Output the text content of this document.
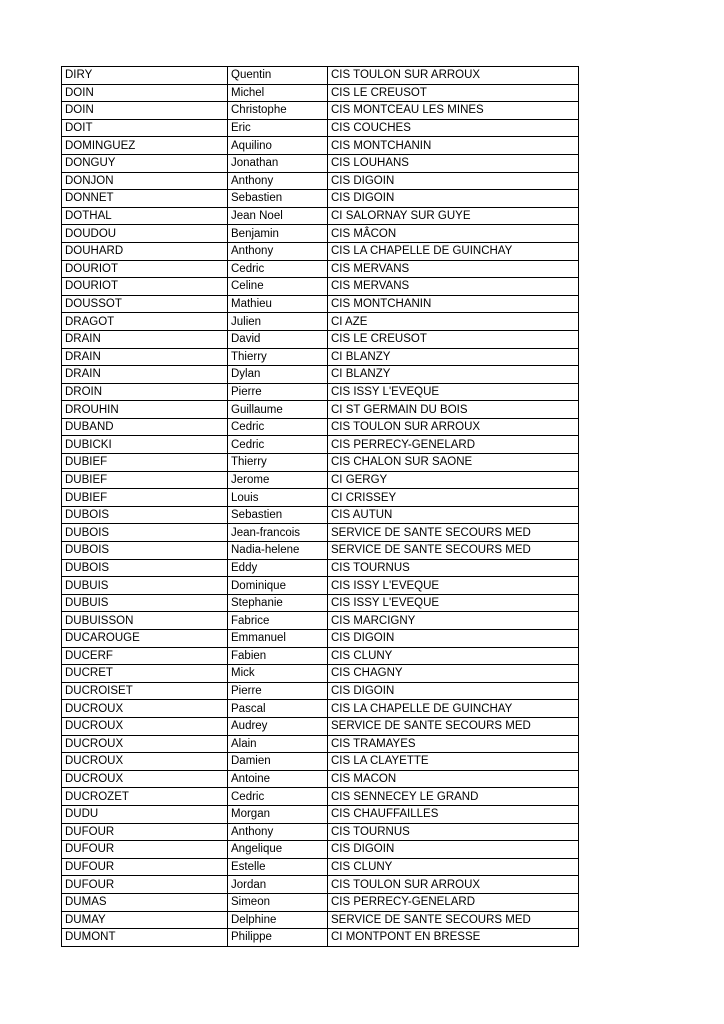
DIRY	Quentin	CIS TOULON SUR ARROUX
DOIN	Michel	CIS LE CREUSOT
DOIN	Christophe	CIS MONTCEAU LES MINES
DOIT	Eric	CIS COUCHES
DOMINGUEZ	Aquilino	CIS MONTCHANIN
DONGUY	Jonathan	CIS LOUHANS
DONJON	Anthony	CIS DIGOIN
DONNET	Sebastien	CIS DIGOIN
DOTHAL	Jean Noel	CI SALORNAY SUR GUYE
DOUDOU	Benjamin	CIS MÂCON
DOUHARD	Anthony	CIS LA CHAPELLE DE GUINCHAY
DOURIOT	Cedric	CIS MERVANS
DOURIOT	Celine	CIS MERVANS
DOUSSOT	Mathieu	CIS MONTCHANIN
DRAGOT	Julien	CI AZE
DRAIN	David	CIS LE CREUSOT
DRAIN	Thierry	CI BLANZY
DRAIN	Dylan	CI BLANZY
DROIN	Pierre	CIS ISSY L'EVEQUE
DROUHIN	Guillaume	CI ST GERMAIN DU BOIS
DUBAND	Cedric	CIS TOULON SUR ARROUX
DUBICKI	Cedric	CIS PERRECY-GENELARD
DUBIEF	Thierry	CIS CHALON SUR SAONE
DUBIEF	Jerome	CI GERGY
DUBIEF	Louis	CI CRISSEY
DUBOIS	Sebastien	CIS AUTUN
DUBOIS	Jean-francois	SERVICE DE SANTE SECOURS MED
DUBOIS	Nadia-helene	SERVICE DE SANTE SECOURS MED
DUBOIS	Eddy	CIS TOURNUS
DUBUIS	Dominique	CIS ISSY L'EVEQUE
DUBUIS	Stephanie	CIS ISSY L'EVEQUE
DUBUISSON	Fabrice	CIS MARCIGNY
DUCAROUGE	Emmanuel	CIS DIGOIN
DUCERF	Fabien	CIS CLUNY
DUCRET	Mick	CIS CHAGNY
DUCROISET	Pierre	CIS DIGOIN
DUCROUX	Pascal	CIS LA CHAPELLE DE GUINCHAY
DUCROUX	Audrey	SERVICE DE SANTE SECOURS MED
DUCROUX	Alain	CIS TRAMAYES
DUCROUX	Damien	CIS LA CLAYETTE
DUCROUX	Antoine	CIS MACON
DUCROZET	Cedric	CIS SENNECEY LE GRAND
DUDU	Morgan	CIS CHAUFFAILLES
DUFOUR	Anthony	CIS TOURNUS
DUFOUR	Angelique	CIS DIGOIN
DUFOUR	Estelle	CIS CLUNY
DUFOUR	Jordan	CIS TOULON SUR ARROUX
DUMAS	Simeon	CIS PERRECY-GENELARD
DUMAY	Delphine	SERVICE DE SANTE SECOURS MED
DUMONT	Philippe	CI MONTPONT EN BRESSE
